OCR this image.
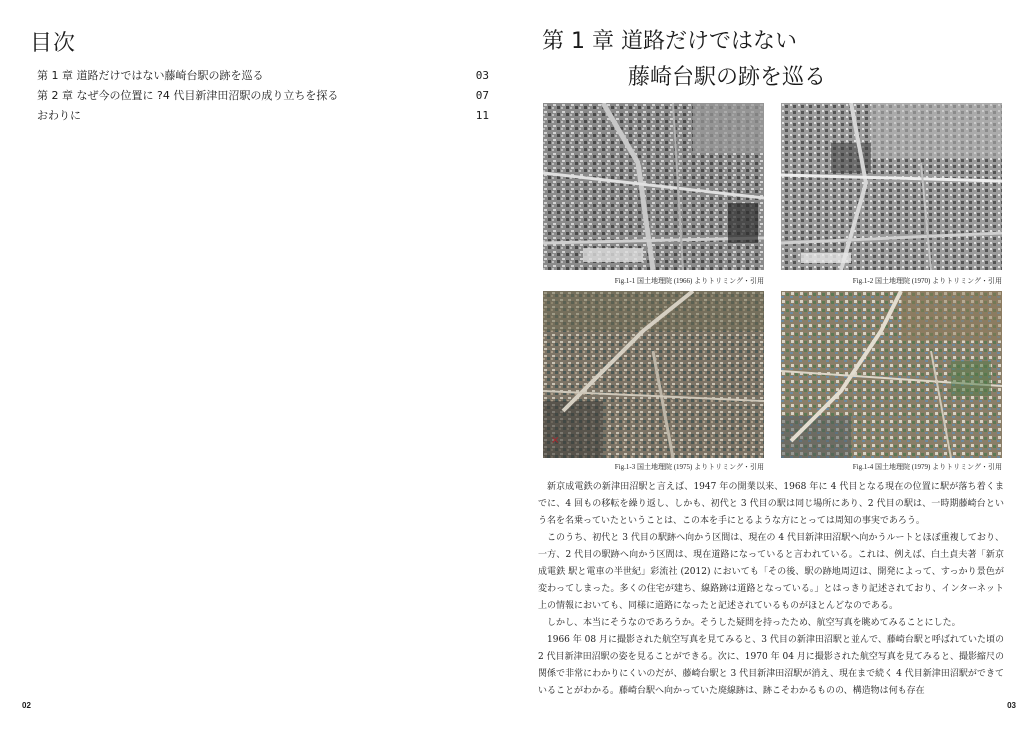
目次
第 1 章 道路だけではない藤崎台駅の跡を巡る	03
第 2 章 なぜ今の位置に ?4 代目新津田沼駅の成り立ちを探る	07
おわりに	11
02
第 1 章 道路だけではない
藤崎台駅の跡を巡る
×
Fig.1-1 国土地理院 (1966) よりトリミング・引用	Fig.1-2 国土地理院 (1970) よりトリミング・引用
Fig.1-3 国土地理院 (1975) よりトリミング・引用	Fig.1-4 国土地理院 (1979) よりトリミング・引用

新京成電鉄の新津田沼駅と言えば、1947 年の開業以来、1968 年に 4 代目となる現在の位置に駅が落ち着くまでに、4 回もの移転を繰り返し、しかも、初代と 3 代目の駅は同じ場所にあり、2 代目の駅は、一時期藤崎台という名を名乗っていたということは、この本を手にとるような方にとっては周知の事実であろう。

このうち、初代と 3 代目の駅跡へ向かう区間は、現在の 4 代目新津田沼駅へ向かうルートとほぼ重複しており、一方、2 代目の駅跡へ向かう区間は、現在道路になっていると言われている。これは、例えば、白土貞夫著「新京成電鉄 駅と電車の半世紀」彩流社 (2012) においても「その後、駅の跡地周辺は、開発によって、すっかり景色が変わってしまった。多くの住宅が建ち、線路跡は道路となっている。」とはっきり記述されており、インターネット上の情報においても、同様に道路になったと記述されているものがほとんどなのである。

しかし、本当にそうなのであろうか。そうした疑問を持ったため、航空写真を眺めてみることにした。

1966 年 08 月に撮影された航空写真を見てみると、3 代目の新津田沼駅と並んで、藤崎台駅と呼ばれていた頃の 2 代目新津田沼駅の姿を見ることができる。次に、1970 年 04 月に撮影された航空写真を見てみると、撮影縮尺の関係で非常にわかりにくいのだが、藤崎台駅と 3 代目新津田沼駅が消え、現在まで続く 4 代目新津田沼駅ができていることがわかる。藤崎台駅へ向かっていた廃線跡は、跡こそわかるものの、構造物は何も存在

03
